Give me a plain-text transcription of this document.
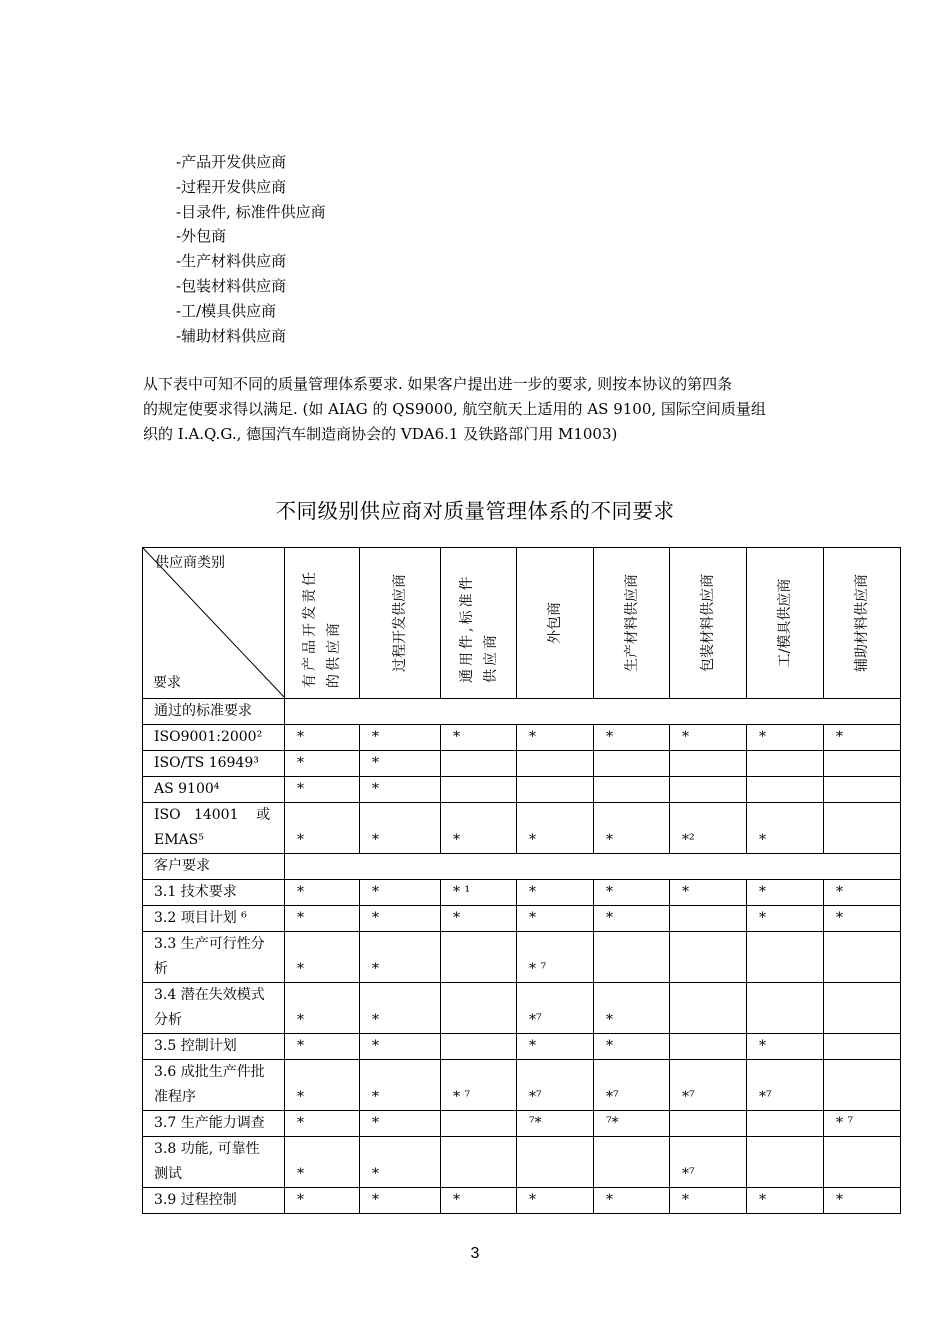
-产品开发供应商
-过程开发供应商
-目录件, 标准件供应商
-外包商
-生产材料供应商
-包装材料供应商
-工/模具供应商
-辅助材料供应商
从下表中可知不同的质量管理体系要求. 如果客户提出进一步的要求, 则按本协议的第四条
的规定使要求得以满足. (如 AIAG 的 QS9000, 航空航天上适用的 AS 9100, 国际空间质量组
织的 I.A.Q.G., 德国汽车制造商协会的 VDA6.1 及铁路部门用 M1003)
不同级别供应商对质量管理体系的不同要求
供应商类别
要求	有产品开发责任的供应商	过程开发供应商	通用件,标准件供应商	外包商	生产材料供应商	包装材料供应商	工/模具供应商	辅助材料供应商

通过的标准要求								
ISO9001:2000²	*	*	*	*	*	*	*	*
ISO/TS 16949³	*	*						
AS 9100⁴	*	*						

ISO   14001    或
EMAS⁵	*	*	*	*	*	*²	*	
客户要求								
3.1 技术要求	*	*	* ¹	*	*	*	*	*
3.2 项目计划 ⁶	*	*	*	*	*		*	*

3.3 生产可行性分
析	*	*		* ⁷				

3.4 潜在失效模式
分析	*	*		*⁷	*			
3.5 控制计划	*	*		*	*		*	

3.6 成批生产件批
准程序	*	*	* ⁷	*⁷	*⁷	*⁷	*⁷	
3.7 生产能力调查	*	*		⁷*	⁷*			* ⁷

3.8 功能, 可靠性
测试	*	*				*⁷		
3.9 过程控制	*	*	*	*	*	*	*	*
3
